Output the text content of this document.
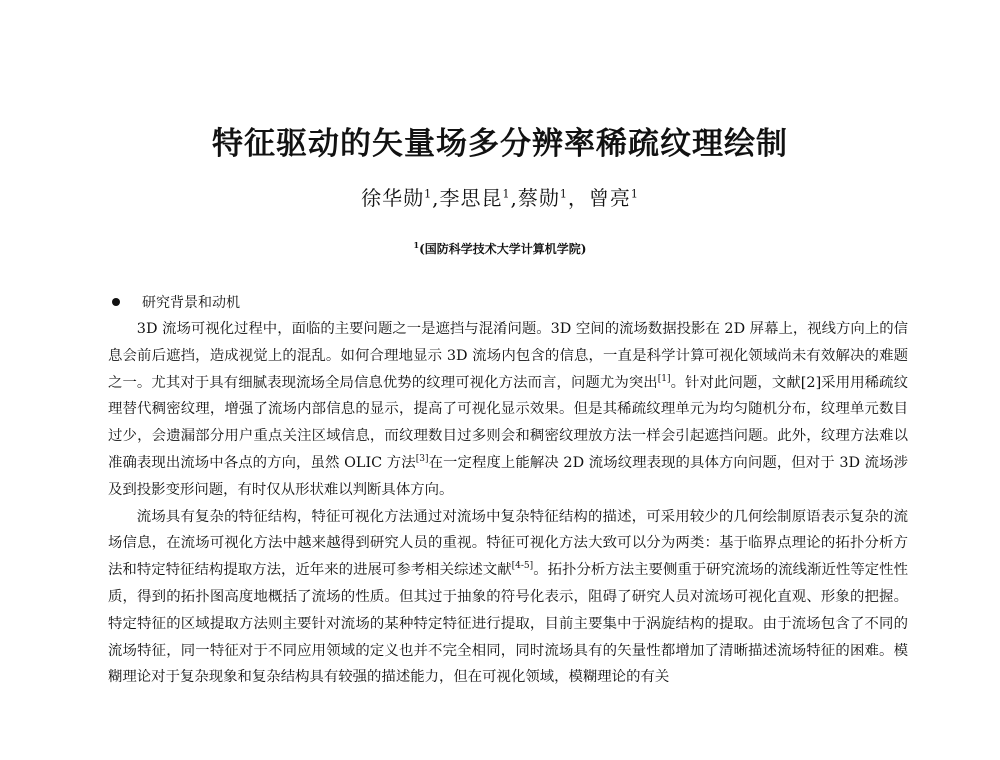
特征驱动的矢量场多分辨率稀疏纹理绘制
徐华勋$^1$,李思昆$^1$,蔡勋$^1$，曾亮$^1$
$^1$(国防科学技术大学计算机学院)
研究背景和动机

3D 流场可视化过程中，面临的主要问题之一是遮挡与混淆问题。3D 空间的流场数据投影在 2D 屏幕上，视线方向上的信息会前后遮挡，造成视觉上的混乱。如何合理地显示 3D 流场内包含的信息，一直是科学计算可视化领域尚未有效解决的难题之一。尤其对于具有细腻表现流场全局信息优势的纹理可视化方法而言，问题尤为突出[1]。针对此问题，文献[2]采用用稀疏纹理替代稠密纹理，增强了流场内部信息的显示，提高了可视化显示效果。但是其稀疏纹理单元为均匀随机分布，纹理单元数目过少，会遗漏部分用户重点关注区域信息，而纹理数目过多则会和稠密纹理放方法一样会引起遮挡问题。此外，纹理方法难以准确表现出流场中各点的方向，虽然 OLIC 方法[3]在一定程度上能解决 2D 流场纹理表现的具体方向问题，但对于 3D 流场涉及到投影变形问题，有时仅从形状难以判断具体方向。

流场具有复杂的特征结构，特征可视化方法通过对流场中复杂特征结构的描述，可采用较少的几何绘制原语表示复杂的流场信息，在流场可视化方法中越来越得到研究人员的重视。特征可视化方法大致可以分为两类：基于临界点理论的拓扑分析方法和特定特征结构提取方法，近年来的进展可参考相关综述文献[4-5]。拓扑分析方法主要侧重于研究流场的流线渐近性等定性性质，得到的拓扑图高度地概括了流场的性质。但其过于抽象的符号化表示，阻碍了研究人员对流场可视化直观、形象的把握。特定特征的区域提取方法则主要针对流场的某种特定特征进行提取，目前主要集中于涡旋结构的提取。由于流场包含了不同的流场特征，同一特征对于不同应用领域的定义也并不完全相同，同时流场具有的矢量性都增加了清晰描述流场特征的困难。模糊理论对于复杂现象和复杂结构具有较强的描述能力，但在可视化领域，模糊理论的有关
